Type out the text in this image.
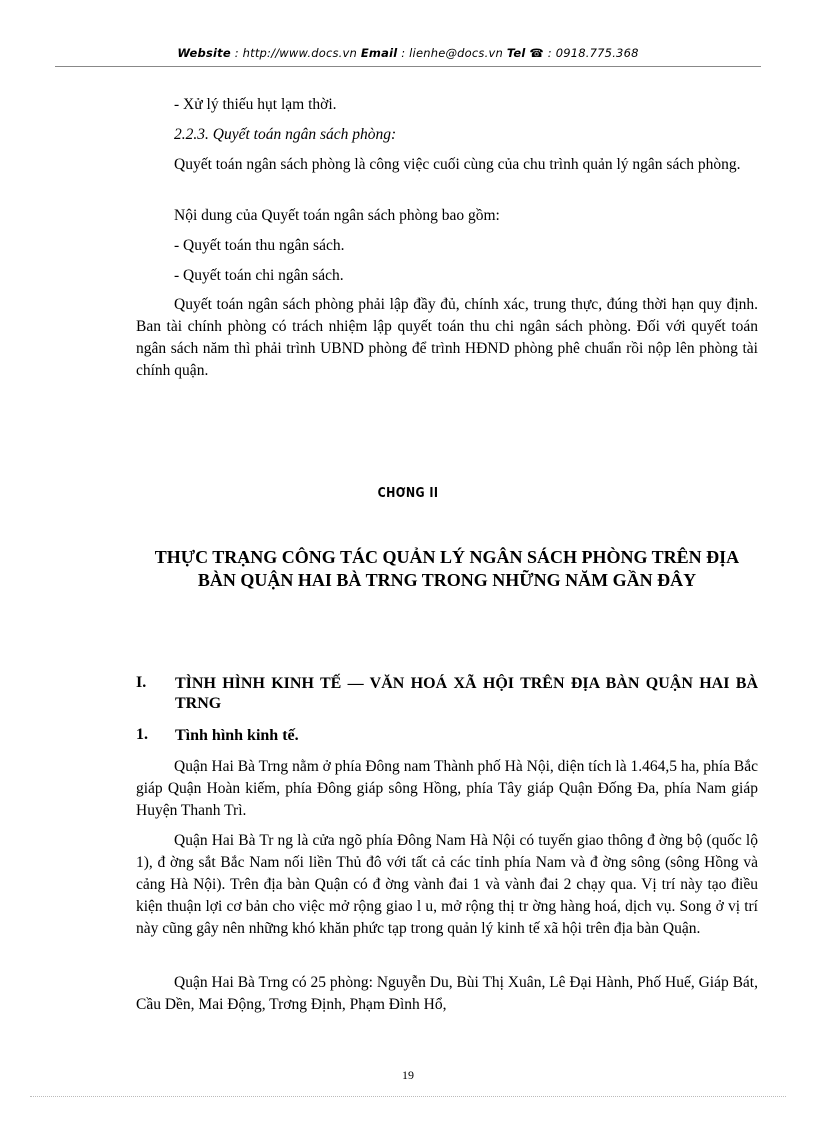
Website : http://www.docs.vn Email : lienhe@docs.vn Tel ☎ : 0918.775.368
- Xử lý thiếu hụt lạm thời.
2.2.3. Quyết toán ngân sách phòng:

Quyết toán ngân sách phòng là công việc cuối cùng của chu trình quản lý ngân sách phòng.

Nội dung của Quyết toán ngân sách phòng bao gồm:
- Quyết toán thu ngân sách.
- Quyết toán chi ngân sách.

Quyết toán ngân sách phòng phải lập đầy đủ, chính xác, trung thực, đúng thời hạn quy định. Ban tài chính phòng có trách nhiệm lập quyết toán thu chi ngân sách phòng. Đối với quyết toán ngân sách năm thì phải trình UBND phòng để trình HĐND phòng phê chuẩn rồi nộp lên phòng tài chính quận.

CHƠNG II
THỰC TRẠNG CÔNG TÁC QUẢN LÝ NGÂN SÁCH PHÒNG TRÊN ĐỊA BÀN QUẬN HAI BÀ TRNG TRONG NHỮNG NĂM GẦN ĐÂY
I. TÌNH HÌNH KINH TẾ — VĂN HOÁ XÃ HỘI TRÊN ĐỊA BÀN QUẬN HAI BÀ TRNG
1. Tình hình kinh tế.

Quận Hai Bà Trng nằm ở phía Đông nam Thành phố Hà Nội, diện tích là 1.464,5 ha, phía Bắc giáp Quận Hoàn kiếm, phía Đông giáp sông Hồng, phía Tây giáp Quận Đống Đa, phía Nam giáp Huyện Thanh Trì.

Quận Hai Bà Tr ng là cửa ngõ phía Đông Nam Hà Nội có tuyến giao thông đ ờng bộ (quốc lộ 1), đ ờng sắt Bắc Nam nối liền Thủ đô với tất cả các tỉnh phía Nam và đ ờng sông (sông Hồng và cảng Hà Nội). Trên địa bàn Quận có đ ờng vành đai 1 và vành đai 2 chạy qua. Vị trí này tạo điều kiện thuận lợi cơ bản cho việc mở rộng giao l u, mở rộng thị tr ờng hàng hoá, dịch vụ. Song ở vị trí này cũng gây nên những khó khăn phức tạp trong quản lý kinh tế xã hội trên địa bàn Quận.

Quận Hai Bà Trng có 25 phòng: Nguyễn Du, Bùi Thị Xuân, Lê Đại Hành, Phố Huế, Giáp Bát, Cầu Dền, Mai Động, Trơng Định, Phạm Đình Hổ,

19
